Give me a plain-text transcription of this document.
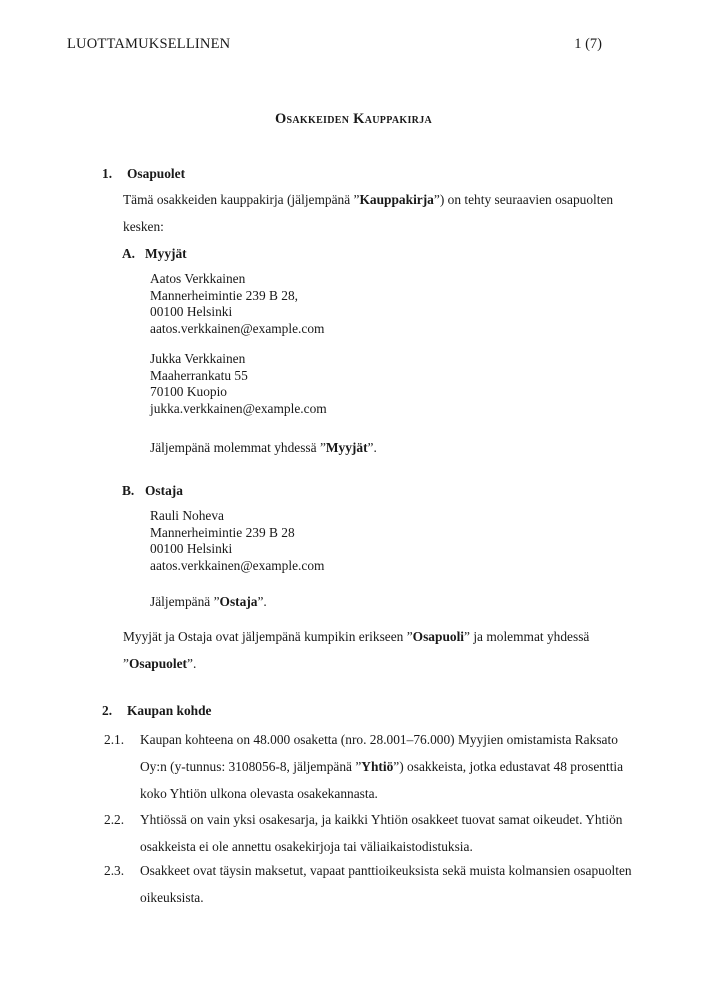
LUOTTAMUKSELLINEN	1 (7)
Osakkeiden Kauppakirja
1.	Osapuolet
Tämä osakkeiden kauppakirja (jäljempänä ”Kauppakirja”) on tehty seuraavien osapuolten kesken:
A. Myyjät
Aatos Verkkainen
Mannerheimintie 239 B 28,
00100 Helsinki
aatos.verkkainen@example.com
Jukka Verkkainen
Maaherrankatu 55
70100 Kuopio
jukka.verkkainen@example.com
Jäljempänä molemmat yhdessä ”Myyjät”.
B. Ostaja
Rauli Noheva
Mannerheimintie 239 B 28
00100 Helsinki
aatos.verkkainen@example.com
Jäljempänä ”Ostaja”.
Myyjät ja Ostaja ovat jäljempänä kumpikin erikseen ”Osapuoli” ja molemmat yhdessä ”Osapuolet”.
2.	Kaupan kohde
2.1.	Kaupan kohteena on 48.000 osaketta (nro. 28.001–76.000) Myyjien omistamista Raksato Oy:n (y-tunnus: 3108056-8, jäljempänä ”Yhtiö”) osakkeista, jotka edustavat 48 prosenttia koko Yhtiön ulkona olevasta osakekannasta.
2.2.	Yhtiössä on vain yksi osakesarja, ja kaikki Yhtiön osakkeet tuovat samat oikeudet. Yhtiön osakkeista ei ole annettu osakekirjoja tai väliaikaistodistuksia.
2.3.	Osakkeet ovat täysin maksetut, vapaat panttioikeuksista sekä muista kolmansien osapuolten oikeuksista.
